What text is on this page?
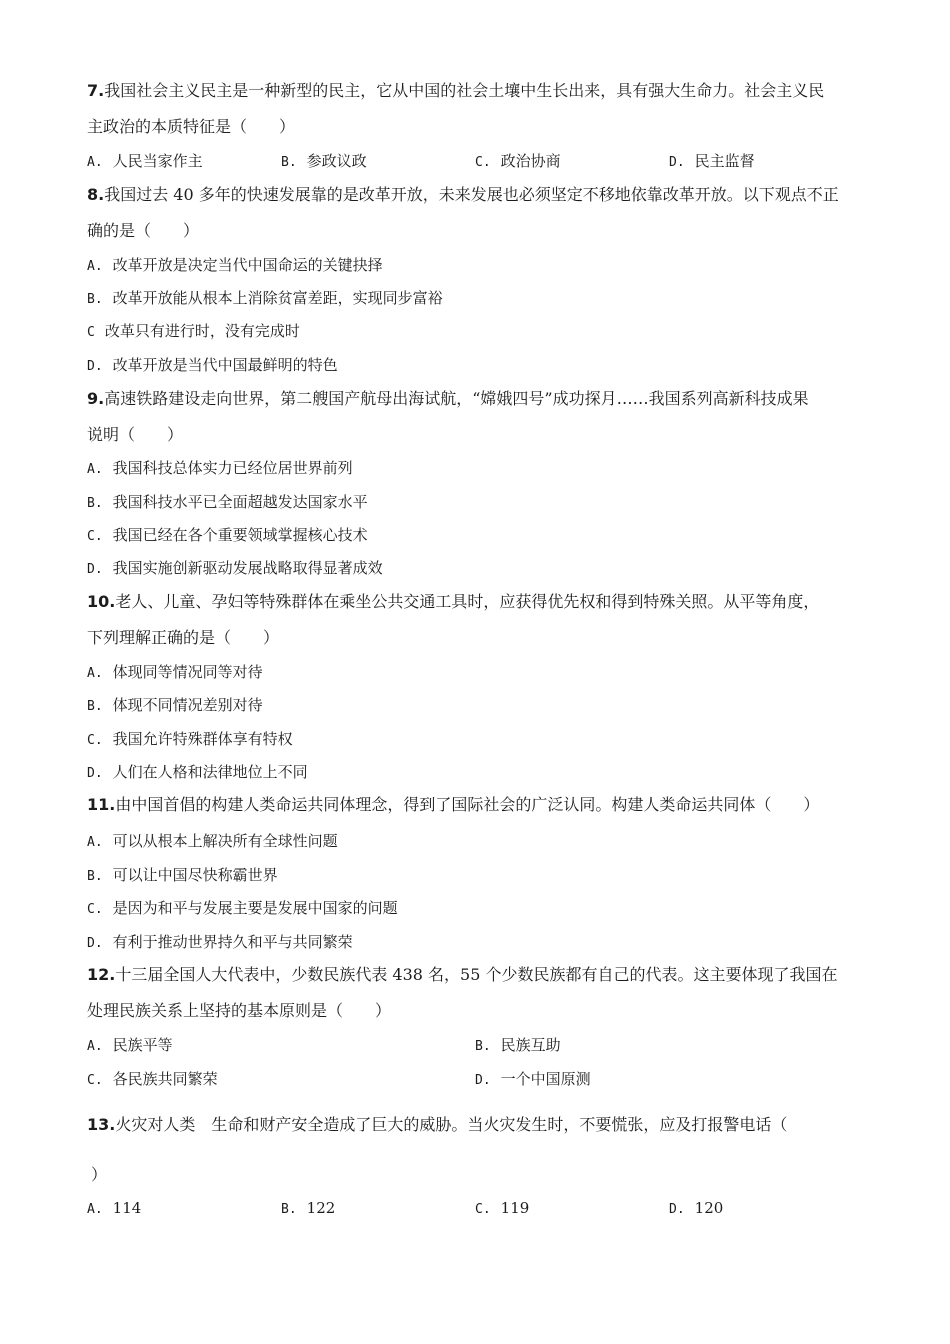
7.我国社会主义民主是一种新型的民主，它从中国的社会土壤中生长出来，具有强大生命力。社会主义民
主政治的本质特征是（　　）
A. 人民当家作主	B. 参政议政	C. 政治协商	D. 民主监督
8.我国过去 40 多年的快速发展靠的是改革开放，未来发展也必须坚定不移地依靠改革开放。以下观点不正
确的是（　　）
A. 改革开放是决定当代中国命运的关键抉择
B. 改革开放能从根本上消除贫富差距，实现同步富裕
C 改革只有进行时，没有完成时
D. 改革开放是当代中国最鲜明的特色
9.高速铁路建设走向世界，第二艘国产航母出海试航，“嫦娥四号”成功探月……我国系列高新科技成果
说明（　　）
A. 我国科技总体实力已经位居世界前列
B. 我国科技水平已全面超越发达国家水平
C. 我国已经在各个重要领域掌握核心技术
D. 我国实施创新驱动发展战略取得显著成效
10.老人、儿童、孕妇等特殊群体在乘坐公共交通工具时，应获得优先权和得到特殊关照。从平等角度，
下列理解正确的是（　　）
A. 体现同等情况同等对待
B. 体现不同情况差别对待
C. 我国允许特殊群体享有特权
D. 人们在人格和法律地位上不同
11.由中国首倡的构建人类命运共同体理念，得到了国际社会的广泛认同。构建人类命运共同体（　　）
A. 可以从根本上解决所有全球性问题
B. 可以让中国尽快称霸世界
C. 是因为和平与发展主要是发展中国家的问题
D. 有利于推动世界持久和平与共同繁荣
12.十三届全国人大代表中，少数民族代表 438 名，55 个少数民族都有自己的代表。这主要体现了我国在
处理民族关系上坚持的基本原则是（　　）
A. 民族平等	B. 民族互助
C. 各民族共同繁荣	D. 一个中国原测
13.火灾对人类　生命和财产安全造成了巨大的威胁。当火灾发生时，不要慌张，应及打报警电话（
）
A. 114	B. 122	C. 119	D. 120
